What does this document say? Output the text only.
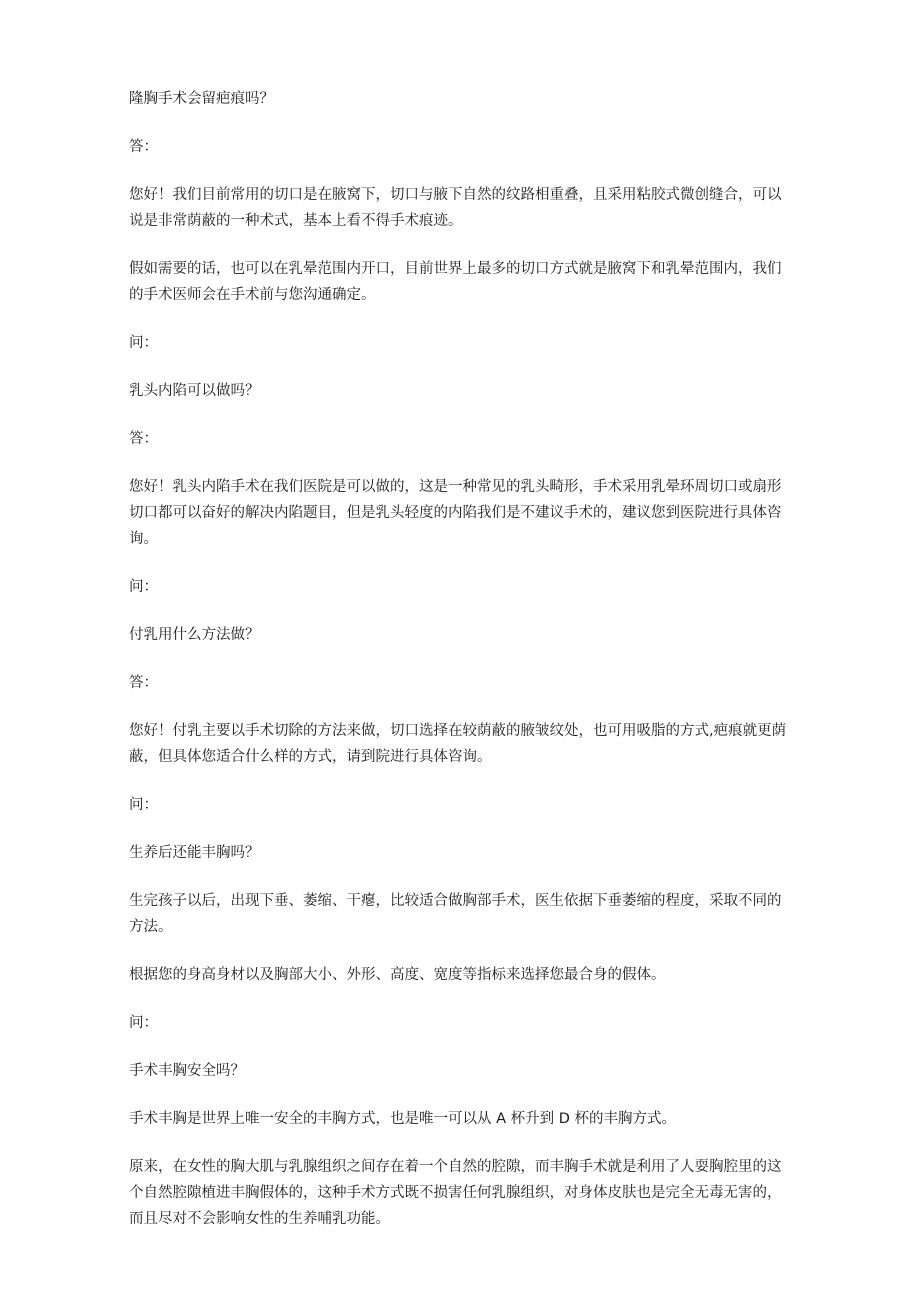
隆胸手术会留疤痕吗？

答：

您好！我们目前常用的切口是在腋窝下，切口与腋下自然的纹路相重叠，且采用粘胶式微创缝合，可以说是非常荫蔽的一种术式，基本上看不得手术痕迹。

假如需要的话，也可以在乳晕范围内开口，目前世界上最多的切口方式就是腋窝下和乳晕范围内，我们的手术医师会在手术前与您沟通确定。

问：

乳头内陷可以做吗？

答：

您好！乳头内陷手术在我们医院是可以做的，这是一种常见的乳头畸形，手术采用乳晕环周切口或扇形切口都可以奋好的解决内陷题目，但是乳头轻度的内陷我们是不建议手术的，建议您到医院进行具体咨询。

问：

付乳用什么方法做？

答：

您好！付乳主要以手术切除的方法来做，切口选择在较荫蔽的腋皱纹处，也可用吸脂的方式,疤痕就更荫蔽，但具体您适合什么样的方式，请到院进行具体咨询。

问：

生养后还能丰胸吗？

生完孩子以后，出现下垂、萎缩、干瘪，比较适合做胸部手术，医生依据下垂萎缩的程度，采取不同的方法。

根据您的身高身材以及胸部大小、外形、高度、宽度等指标来选择您最合身的假体。

问：

手术丰胸安全吗？

手术丰胸是世界上唯一安全的丰胸方式，也是唯一可以从 A 杯升到 D 杯的丰胸方式。

原来，在女性的胸大肌与乳腺组织之间存在着一个自然的腔隙，而丰胸手术就是利用了人耍胸腔里的这个自然腔隙植进丰胸假体的，这种手术方式既不损害任何乳腺组织，对身体皮肤也是完全无毒无害的，而且尽对不会影响女性的生养哺乳功能。
